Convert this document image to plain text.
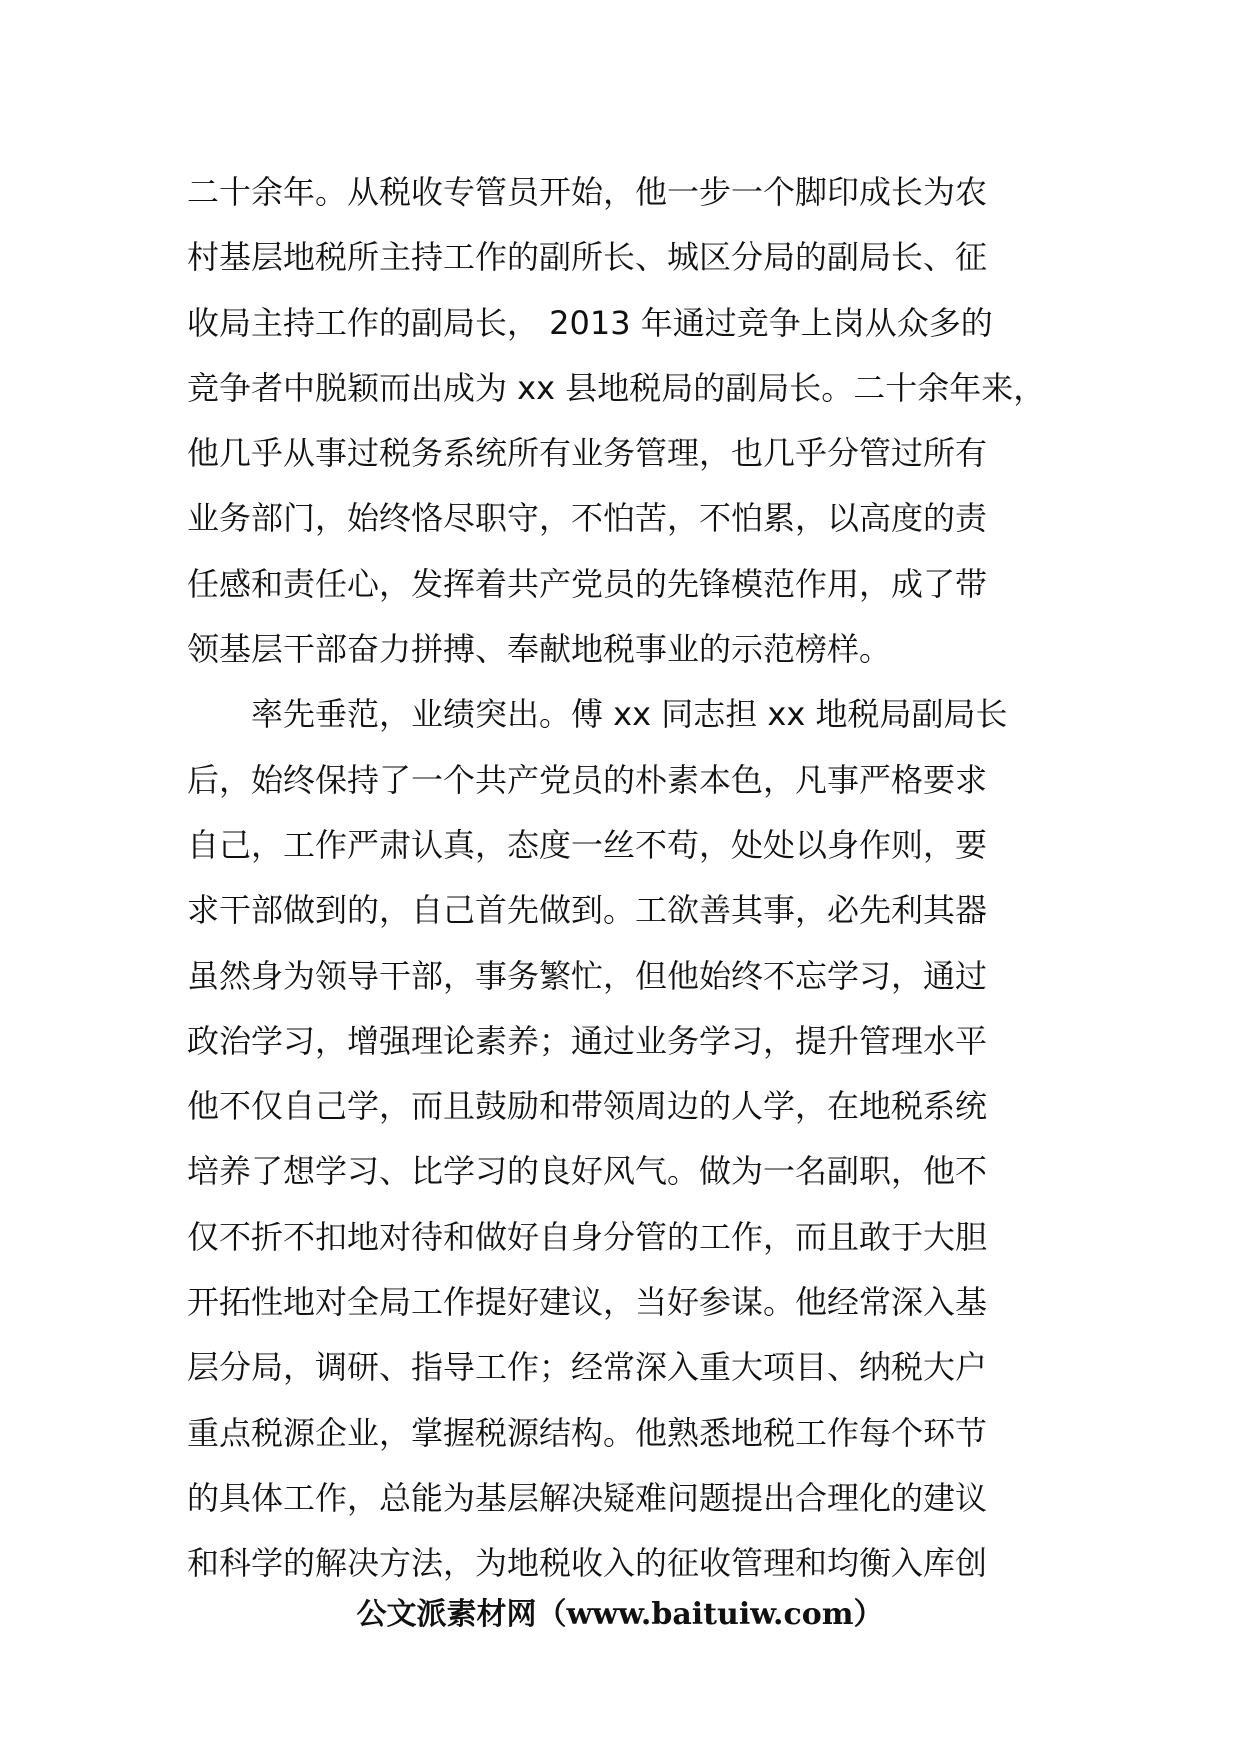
二十余年。从税收专管员开始，他一步一个脚印成长为农
村基层地税所主持工作的副所长、城区分局的副局长、征
收局主持工作的副局长， 2013 年通过竞争上岗从众多的
竞争者中脱颖而出成为 xx 县地税局的副局长。二十余年来，
他几乎从事过税务系统所有业务管理，也几乎分管过所有
业务部门，始终恪尽职守，不怕苦，不怕累，以高度的责
任感和责任心，发挥着共产党员的先锋模范作用，成了带
领基层干部奋力拼搏、奉献地税事业的示范榜样。
　　率先垂范，业绩突出。傅 xx 同志担 xx 地税局副局长
后，始终保持了一个共产党员的朴素本色，凡事严格要求
自己，工作严肃认真，态度一丝不苟，处处以身作则，要
求干部做到的，自己首先做到。工欲善其事，必先利其器
虽然身为领导干部，事务繁忙，但他始终不忘学习，通过
政治学习，增强理论素养；通过业务学习，提升管理水平
他不仅自己学，而且鼓励和带领周边的人学，在地税系统
培养了想学习、比学习的良好风气。做为一名副职，他不
仅不折不扣地对待和做好自身分管的工作，而且敢于大胆
开拓性地对全局工作提好建议，当好参谋。他经常深入基
层分局，调研、指导工作；经常深入重大项目、纳税大户
重点税源企业，掌握税源结构。他熟悉地税工作每个环节
的具体工作，总能为基层解决疑难问题提出合理化的建议
和科学的解决方法，为地税收入的征收管理和均衡入库创
公文派素材网（www.baituiw.com）
